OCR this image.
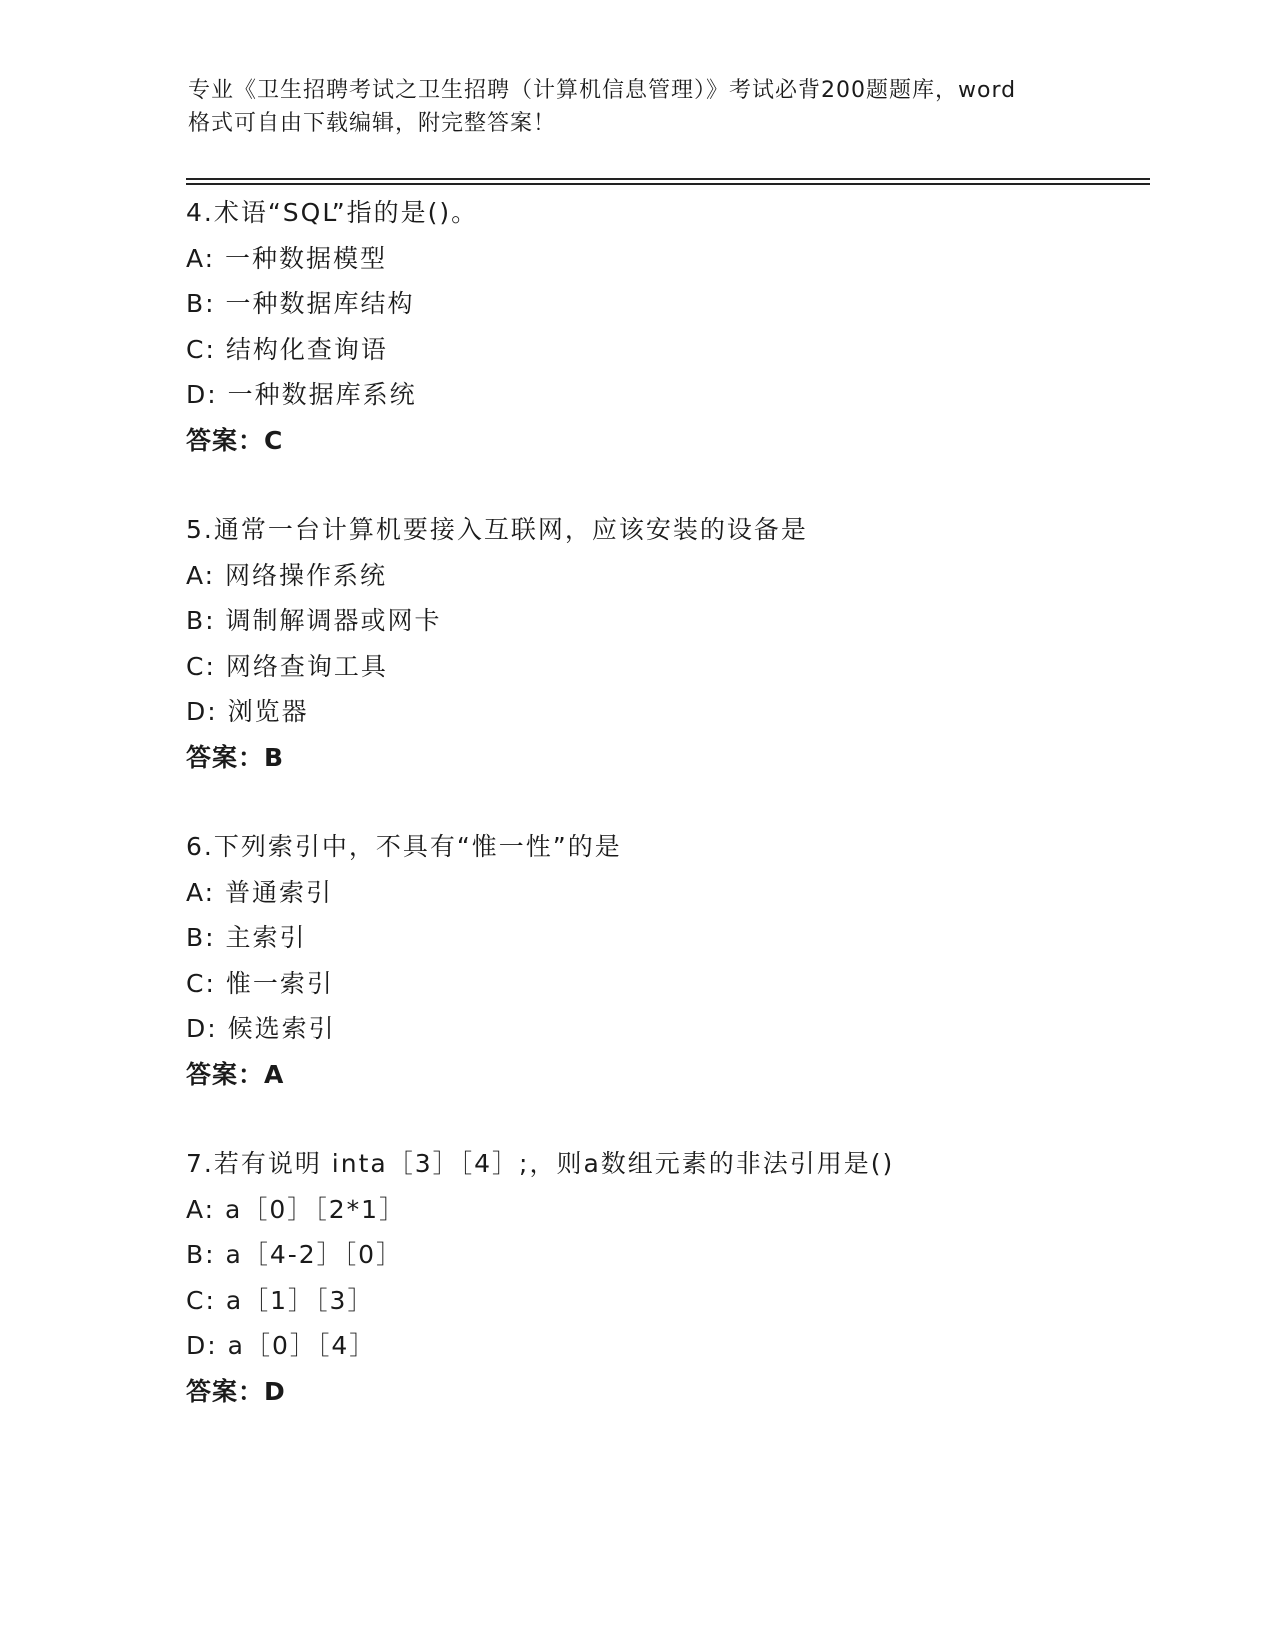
专业《卫生招聘考试之卫生招聘（计算机信息管理）》考试必背200题题库，word
格式可自由下载编辑，附完整答案！
4.术语“SQL”指的是()。
A: 一种数据模型
B: 一种数据库结构
C: 结构化查询语
D: 一种数据库系统
答案：C
5.通常一台计算机要接入互联网，应该安装的设备是
A: 网络操作系统
B: 调制解调器或网卡
C: 网络查询工具
D: 浏览器
答案：B
6.下列索引中，不具有“惟一性”的是
A: 普通索引
B: 主索引
C: 惟一索引
D: 候选索引
答案：A
7.若有说明 inta［3］［4］;，则a数组元素的非法引用是()
A: a［0］［2*1］
B: a［4-2］［0］
C: a［1］［3］
D: a［0］［4］
答案：D
